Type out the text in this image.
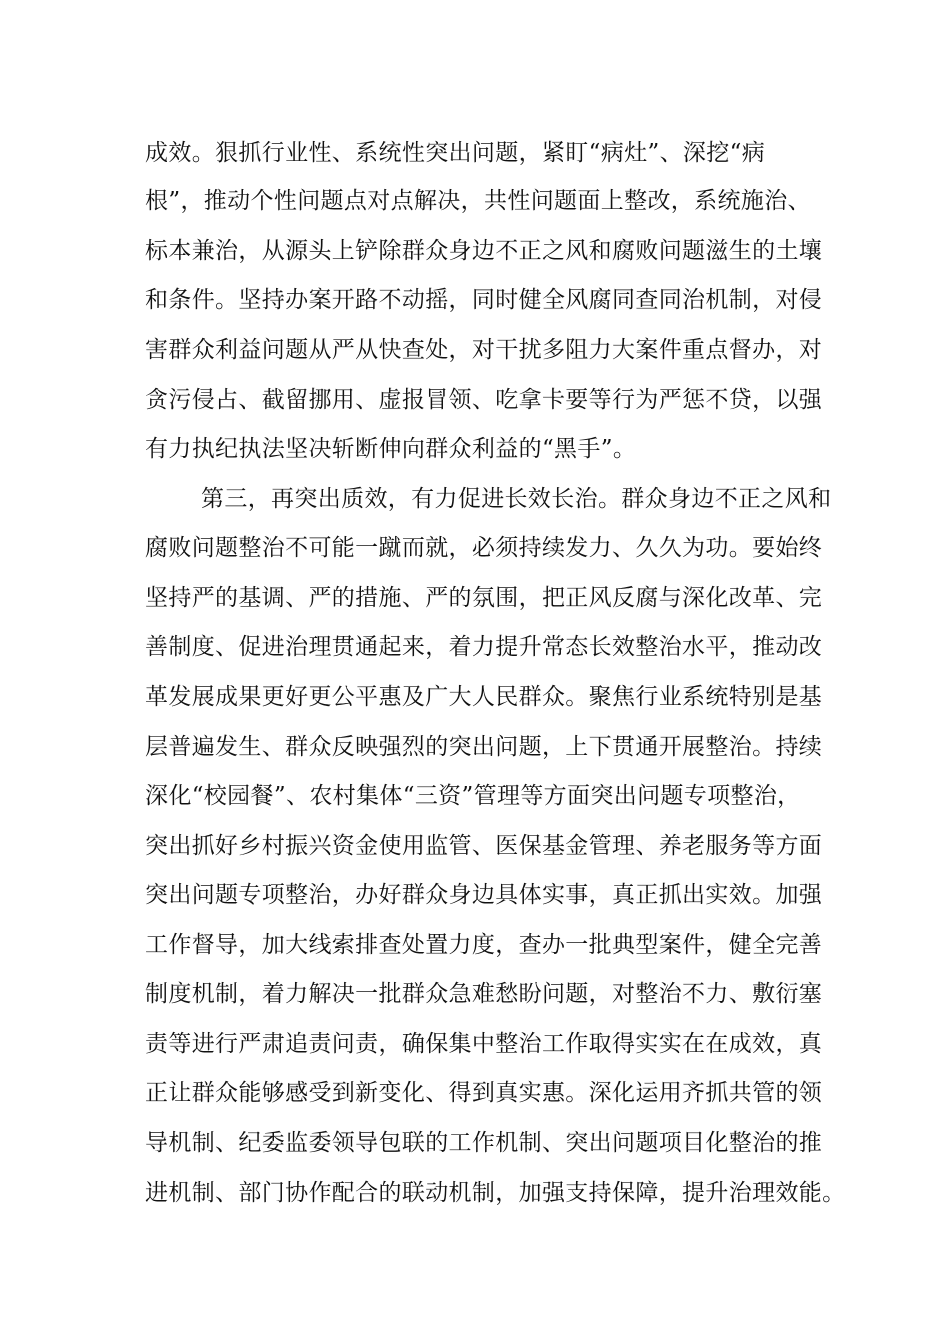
成效。狠抓行业性、系统性突出问题，紧盯“病灶”、深挖“病
根”，推动个性问题点对点解决，共性问题面上整改，系统施治、
标本兼治，从源头上铲除群众身边不正之风和腐败问题滋生的土壤
和条件。坚持办案开路不动摇，同时健全风腐同查同治机制，对侵
害群众利益问题从严从快查处，对干扰多阻力大案件重点督办，对
贪污侵占、截留挪用、虚报冒领、吃拿卡要等行为严惩不贷，以强
有力执纪执法坚决斩断伸向群众利益的“黑手”。
第三，再突出质效，有力促进长效长治。群众身边不正之风和
腐败问题整治不可能一蹴而就，必须持续发力、久久为功。要始终
坚持严的基调、严的措施、严的氛围，把正风反腐与深化改革、完
善制度、促进治理贯通起来，着力提升常态长效整治水平，推动改
革发展成果更好更公平惠及广大人民群众。聚焦行业系统特别是基
层普遍发生、群众反映强烈的突出问题，上下贯通开展整治。持续
深化“校园餐”、农村集体“三资”管理等方面突出问题专项整治，
突出抓好乡村振兴资金使用监管、医保基金管理、养老服务等方面
突出问题专项整治，办好群众身边具体实事，真正抓出实效。加强
工作督导，加大线索排查处置力度，查办一批典型案件，健全完善
制度机制，着力解决一批群众急难愁盼问题，对整治不力、敷衍塞
责等进行严肃追责问责，确保集中整治工作取得实实在在成效，真
正让群众能够感受到新变化、得到真实惠。深化运用齐抓共管的领
导机制、纪委监委领导包联的工作机制、突出问题项目化整治的推
进机制、部门协作配合的联动机制，加强支持保障，提升治理效能。
